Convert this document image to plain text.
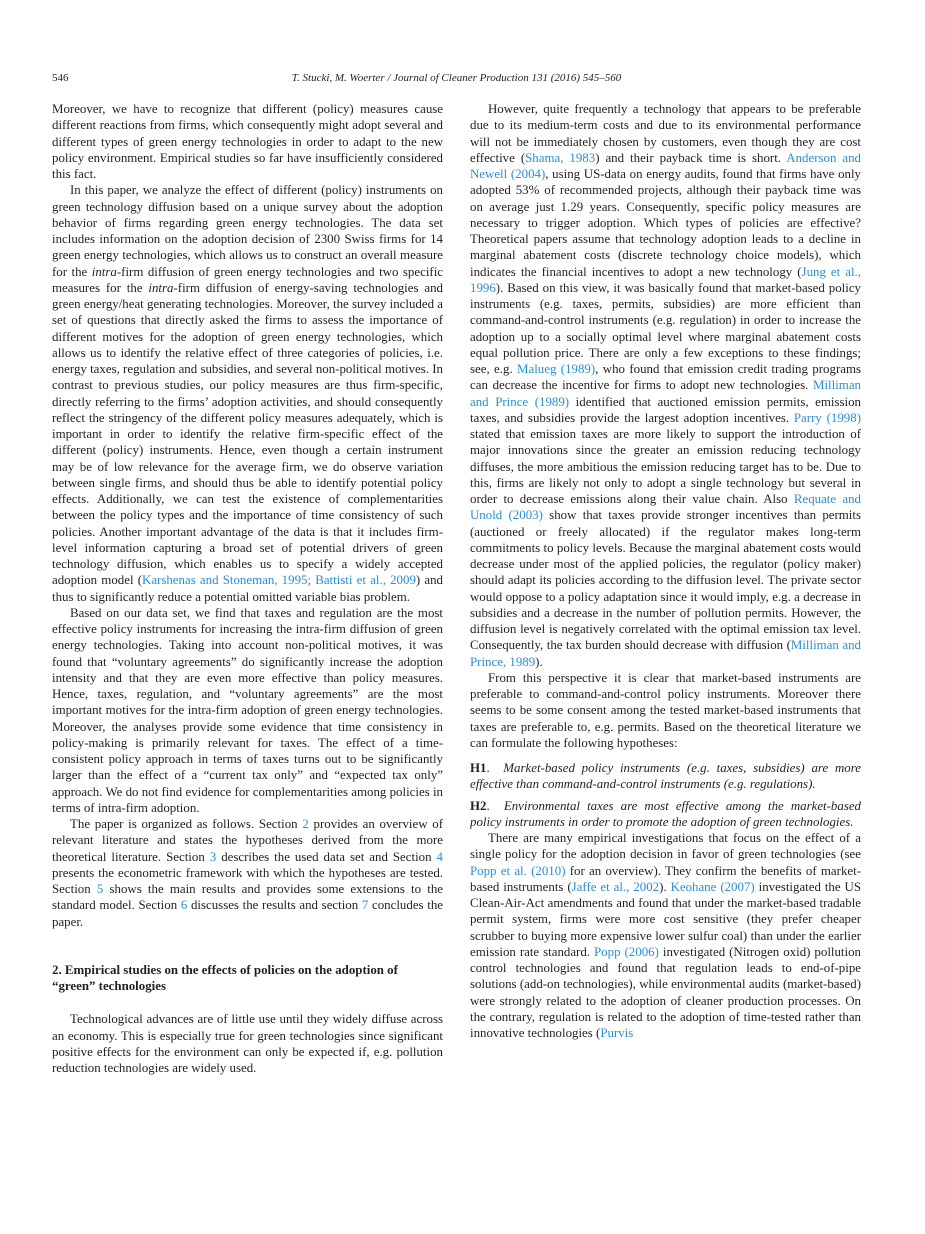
546	T. Stucki, M. Woerter / Journal of Cleaner Production 131 (2016) 545–560

Moreover, we have to recognize that different (policy) measures cause different reactions from firms, which consequently might adopt several and different types of green energy technologies in order to adapt to the new policy environment. Empirical studies so far have insufficiently considered this fact.

In this paper, we analyze the effect of different (policy) instruments on green technology diffusion based on a unique survey about the adoption behavior of firms regarding green energy technologies. The data set includes information on the adoption decision of 2300 Swiss firms for 14 green energy technologies, which allows us to construct an overall measure for the intra-firm diffusion of green energy technologies and two specific measures for the intra-firm diffusion of energy-saving technologies and green energy/heat generating technologies. Moreover, the survey included a set of questions that directly asked the firms to assess the importance of different motives for the adoption of green energy technologies, which allows us to identify the relative effect of three categories of policies, i.e. energy taxes, regulation and subsidies, and several non-political motives. In contrast to previous studies, our policy measures are thus firm-specific, directly referring to the firms’ adoption activities, and should consequently reflect the stringency of the different policy measures adequately, which is important in order to identify the relative firm-specific effect of the different (policy) instruments. Hence, even though a certain instrument may be of low relevance for the average firm, we do observe variation between single firms, and should thus be able to identify potential policy effects. Additionally, we can test the existence of complementarities between the policy types and the importance of time consistency of such policies. Another important advantage of the data is that it includes firm-level information capturing a broad set of potential drivers of green technology diffusion, which enables us to specify a widely accepted adoption model (Karshenas and Stoneman, 1995; Battisti et al., 2009) and thus to significantly reduce a potential omitted variable bias problem.

Based on our data set, we find that taxes and regulation are the most effective policy instruments for increasing the intra-firm diffusion of green energy technologies. Taking into account non-political motives, it was found that “voluntary agreements” do significantly increase the adoption intensity and that they are even more effective than policy measures. Hence, taxes, regulation, and “voluntary agreements” are the most important motives for the intra-firm adoption of green energy technologies. Moreover, the analyses provide some evidence that time consistency in policy-making is primarily relevant for taxes. The effect of a time-consistent policy approach in terms of taxes turns out to be significantly larger than the effect of a “current tax only” and “expected tax only” approach. We do not find evidence for complementarities among policies in terms of intra-firm adoption.

The paper is organized as follows. Section 2 provides an overview of relevant literature and states the hypotheses derived from the more theoretical literature. Section 3 describes the used data set and Section 4 presents the econometric framework with which the hypotheses are tested. Section 5 shows the main results and provides some extensions to the standard model. Section 6 discusses the results and section 7 concludes the paper.

2. Empirical studies on the effects of policies on the adoption of “green” technologies

Technological advances are of little use until they widely diffuse across an economy. This is especially true for green technologies since significant positive effects for the environment can only be expected if, e.g. pollution reduction technologies are widely used.

However, quite frequently a technology that appears to be preferable due to its medium-term costs and due to its environmental performance will not be immediately chosen by customers, even though they are cost effective (Shama, 1983) and their payback time is short. Anderson and Newell (2004), using US-data on energy audits, found that firms have only adopted 53% of recommended projects, although their payback time was on average just 1.29 years. Consequently, specific policy measures are necessary to trigger adoption. Which types of policies are effective? Theoretical papers assume that technology adoption leads to a decline in marginal abatement costs (discrete technology choice models), which indicates the financial incentives to adopt a new technology (Jung et al., 1996). Based on this view, it was basically found that market-based policy instruments (e.g. taxes, permits, subsidies) are more efficient than command-and-control instruments (e.g. regulation) in order to increase the adoption up to a socially optimal level where marginal abatement costs equal pollution price. There are only a few exceptions to these findings; see, e.g. Malueg (1989), who found that emission credit trading programs can decrease the incentive for firms to adopt new technologies. Milliman and Prince (1989) identified that auctioned emission permits, emission taxes, and subsidies provide the largest adoption incentives. Parry (1998) stated that emission taxes are more likely to support the introduction of major innovations since the greater an emission reducing technology diffuses, the more ambitious the emission reducing target has to be. Due to this, firms are likely not only to adopt a single technology but several in order to decrease emissions along their value chain. Also Requate and Unold (2003) show that taxes provide stronger incentives than permits (auctioned or freely allocated) if the regulator makes long-term commitments to policy levels. Because the marginal abatement costs would decrease under most of the applied policies, the regulator (policy maker) should adapt its policies according to the diffusion level. The private sector would oppose to a policy adaptation since it would imply, e.g. a decrease in subsidies and a decrease in the number of pollution permits. However, the diffusion level is negatively correlated with the optimal emission tax level. Consequently, the tax burden should decrease with diffusion (Milliman and Prince, 1989).

From this perspective it is clear that market-based instruments are preferable to command-and-control policy instruments. Moreover there seems to be some consent among the tested market-based instruments that taxes are preferable to, e.g. permits. Based on the theoretical literature we can formulate the following hypotheses:

H1.  Market-based policy instruments (e.g. taxes, subsidies) are more effective than command-and-control instruments (e.g. regulations).

H2.  Environmental taxes are most effective among the market-based policy instruments in order to promote the adoption of green technologies.

There are many empirical investigations that focus on the effect of a single policy for the adoption decision in favor of green technologies (see Popp et al. (2010) for an overview). They confirm the benefits of market-based instruments (Jaffe et al., 2002). Keohane (2007) investigated the US Clean-Air-Act amendments and found that under the market-based tradable permit system, firms were more cost sensitive (they prefer cheaper scrubber to buying more expensive lower sulfur coal) than under the earlier emission rate standard. Popp (2006) investigated (Nitrogen oxid) pollution control technologies and found that regulation leads to end-of-pipe solutions (add-on technologies), while environmental audits (market-based) were strongly related to the adoption of cleaner production processes. On the contrary, regulation is related to the adoption of time-tested rather than innovative technologies (Purvis
